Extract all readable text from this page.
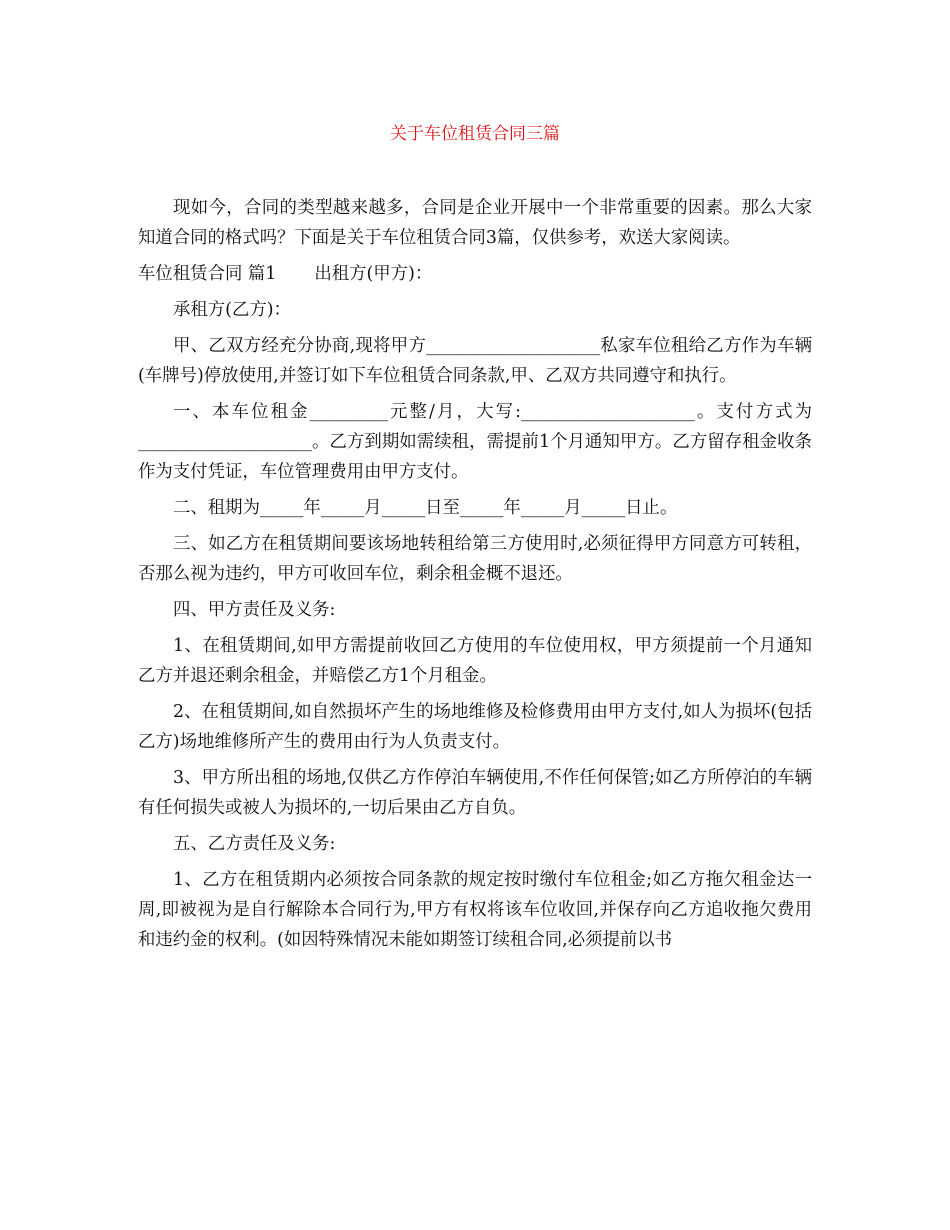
关于车位租赁合同三篇

现如今，合同的类型越来越多，合同是企业开展中一个非常重要的因素。那么大家知道合同的格式吗？下面是关于车位租赁合同3篇，仅供参考，欢送大家阅读。

车位租赁合同 篇1 出租方(甲方)：

承租方(乙方)：

甲、乙双方经充分协商,现将甲方____________________私家车位租给乙方作为车辆(车牌号)停放使用,并签订如下车位租赁合同条款,甲、乙双方共同遵守和执行。

一、本车位租金_________元整/月，大写:____________________。支付方式为____________________。乙方到期如需续租，需提前1个月通知甲方。乙方留存租金收条作为支付凭证，车位管理费用由甲方支付。

二、租期为_____年_____月_____日至_____年_____月_____日止。

三、如乙方在租赁期间要该场地转租给第三方使用时,必须征得甲方同意方可转租，否那么视为违约，甲方可收回车位，剩余租金概不退还。

四、甲方责任及义务:

1、在租赁期间,如甲方需提前收回乙方使用的车位使用权，甲方须提前一个月通知乙方并退还剩余租金，并赔偿乙方1个月租金。

2、在租赁期间,如自然损坏产生的场地维修及检修费用由甲方支付,如人为损坏(包括乙方)场地维修所产生的费用由行为人负责支付。

3、甲方所出租的场地,仅供乙方作停泊车辆使用,不作任何保管;如乙方所停泊的车辆有任何损失或被人为损坏的,一切后果由乙方自负。

五、乙方责任及义务:

1、乙方在租赁期内必须按合同条款的规定按时缴付车位租金;如乙方拖欠租金达一周,即被视为是自行解除本合同行为,甲方有权将该车位收回,并保存向乙方追收拖欠费用和违约金的权利。(如因特殊情况未能如期签订续租合同,必须提前以书
